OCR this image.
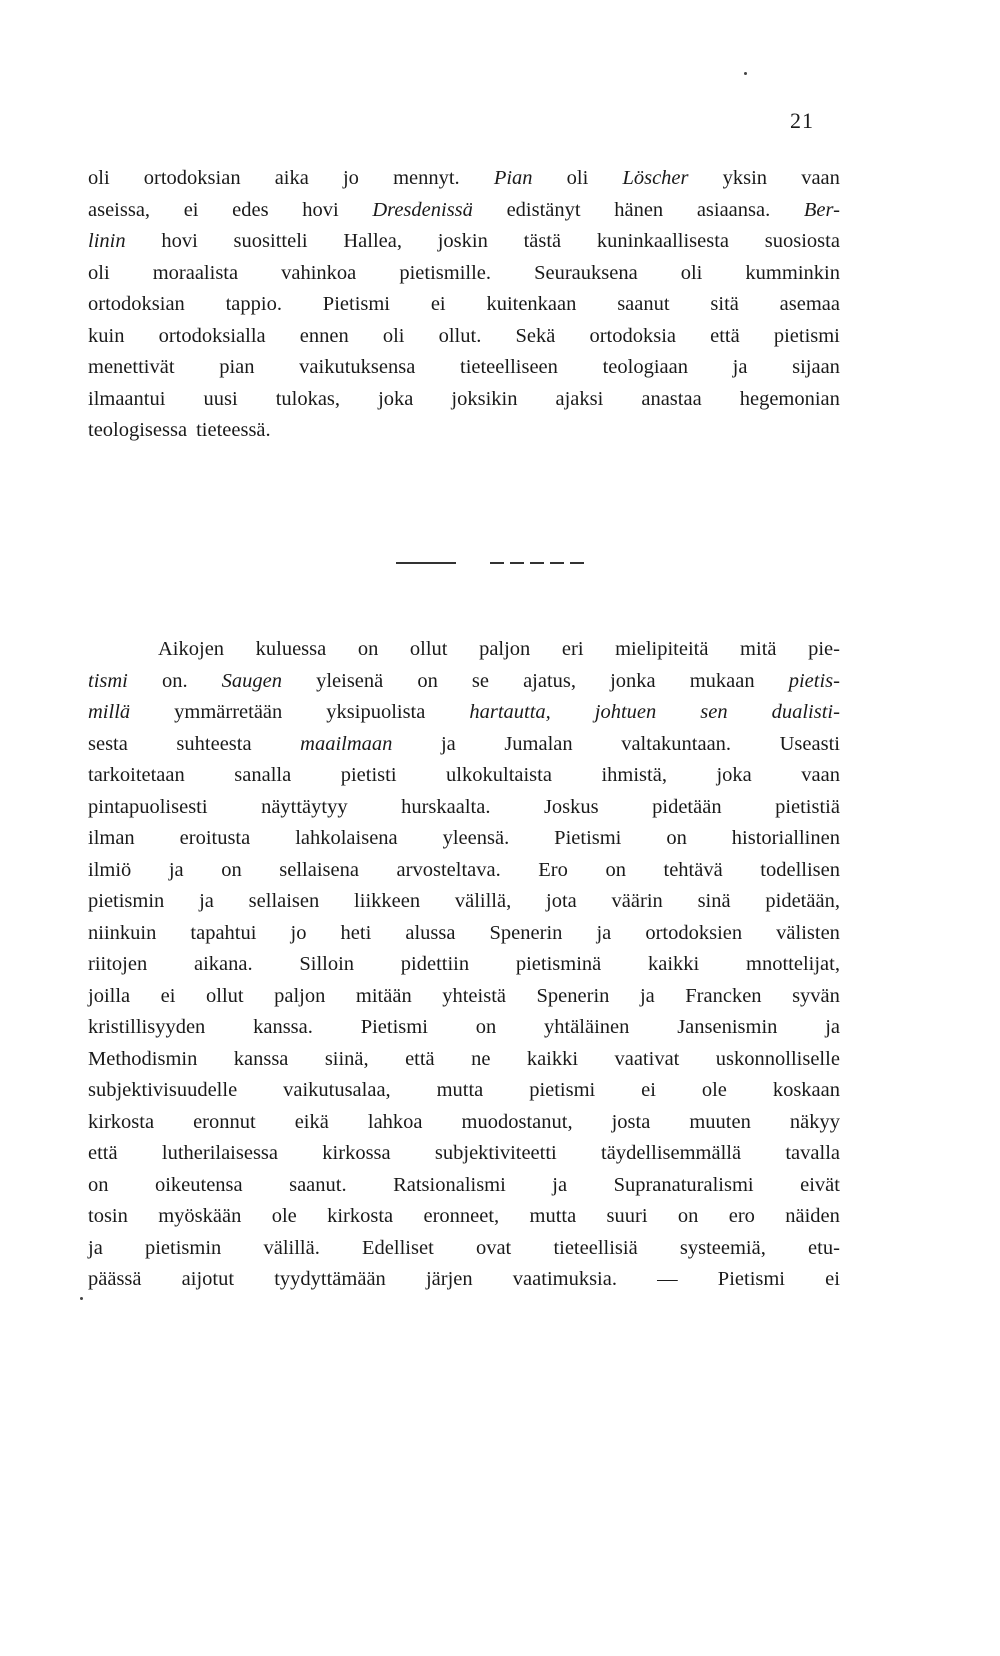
21
oli ortodoksian aika jo mennyt. Pian oli Löscher yksin vaan
aseissa, ei edes hovi Dresdenissä edistänyt hänen asiaansa. Ber-
linin hovi suositteli Hallea, joskin tästä kuninkaallisesta suosiosta
oli moraalista vahinkoa pietismille. Seurauksena oli kumminkin
ortodoksian tappio. Pietismi ei kuitenkaan saanut sitä asemaa
kuin ortodoksialla ennen oli ollut. Sekä ortodoksia että pietismi
menettivät pian vaikutuksensa tieteelliseen teologiaan ja sijaan
ilmaantui uusi tulokas, joka joksikin ajaksi anastaa hegemonian
teologisessa tieteessä.
Aikojen kuluessa on ollut paljon eri mielipiteitä mitä pie-
tismi on. Saugen yleisenä on se ajatus, jonka mukaan pietis-
millä ymmärretään yksipuolista hartautta, johtuen sen dualisti-
sesta suhteesta maailmaan ja Jumalan valtakuntaan. Useasti
tarkoitetaan sanalla pietisti ulkokultaista ihmistä, joka vaan
pintapuolisesti	näyttäytyy	hurskaalta.	Joskus	pidetään	pietistiä
ilman eroitusta lahkolaisena yleensä. Pietismi on historiallinen
ilmiö ja on sellaisena arvosteltava. Ero on tehtävä todellisen
pietismin ja sellaisen liikkeen välillä, jota väärin sinä pidetään,
niinkuin tapahtui jo heti alussa Spenerin ja ortodoksien välisten
riitojen aikana. Silloin pidettiin pietisminä kaikki mnottelijat,
joilla ei ollut paljon mitään yhteistä Spenerin ja Francken syvän
kristillisyyden kanssa. Pietismi on yhtäläinen Jansenismin ja
Methodismin kanssa siinä, että ne kaikki vaativat uskonnolliselle
subjektivisuudelle vaikutusalaa, mutta pietismi ei ole koskaan
kirkosta eronnut eikä lahkoa muodostanut, josta muuten näkyy
että lutherilaisessa kirkossa subjektiviteetti täydellisemmällä tavalla
on oikeutensa saanut. Ratsionalismi ja Supranaturalismi eivät
tosin myöskään ole kirkosta eronneet, mutta suuri on ero näiden
ja pietismin välillä. Edelliset ovat tieteellisiä systeemiä, etu-
päässä aijotut tyydyttämään järjen vaatimuksia. — Pietismi ei
